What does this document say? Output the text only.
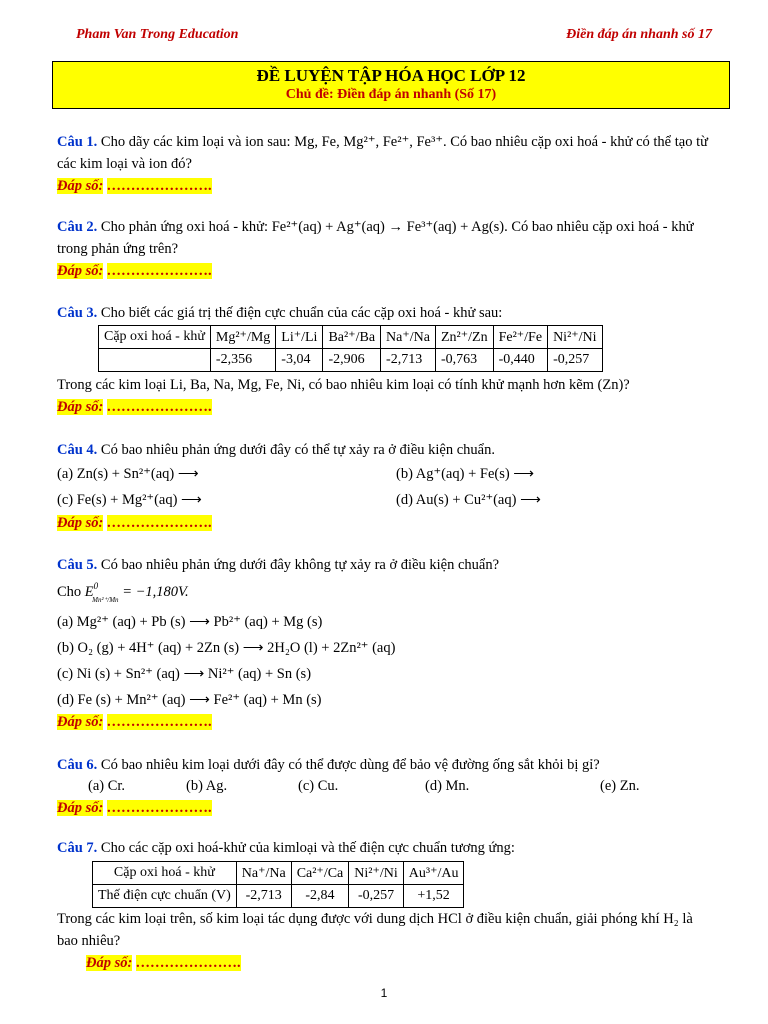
Pham Van Trong Education	Điền đáp án nhanh số 17
ĐỀ LUYỆN TẬP HÓA HỌC LỚP 12
Chủ đề: Điền đáp án nhanh (Số 17)
Câu 1. Cho dãy các kim loại và ion sau: Mg, Fe, Mg²⁺, Fe²⁺, Fe³⁺. Có bao nhiêu cặp oxi hoá - khử có thể tạo từ
các kim loại và ion đó?
Đáp số: ………………….
Câu 2. Cho phản ứng oxi hoá - khử: Fe²⁺(aq) + Ag⁺(aq) → Fe³⁺(aq) + Ag(s). Có bao nhiêu cặp oxi hoá - khử
trong phản ứng trên?
Đáp số: ………………….
Câu 3. Cho biết các giá trị thế điện cực chuẩn của các cặp oxi hoá - khử sau:
Cặp oxi hoá - khử	Mg²⁺/Mg	Li⁺/Li	Ba²⁺/Ba	Na⁺/Na	Zn²⁺/Zn	Fe²⁺/Fe	Ni²⁺/Ni
	-2,356	-3,04	-2,906	-2,713	-0,763	-0,440	-0,257
Trong các kim loại Li, Ba, Na, Mg, Fe, Ni, có bao nhiêu kim loại có tính khử mạnh hơn kẽm (Zn)?
Đáp số: ………………….
Câu 4. Có bao nhiêu phản ứng dưới đây có thể tự xảy ra ở điều kiện chuẩn.
(a) Zn(s) + Sn²⁺(aq) ⟶	(b) Ag⁺(aq) + Fe(s) ⟶
(c) Fe(s) + Mg²⁺(aq) ⟶	(d) Au(s) + Cu²⁺(aq) ⟶
Đáp số: ………………….
Câu 5. Có bao nhiêu phản ứng dưới đây không tự xảy ra ở điều kiện chuẩn?
Cho $E^0_{Mn^{2+}/Mn} = -1,180V$.
(a) Mg²⁺ (aq) + Pb (s) ⟶ Pb²⁺ (aq) + Mg (s)
(b) O₂ (g) + 4H⁺ (aq) + 2Zn (s) ⟶ 2H₂O (l) + 2Zn²⁺ (aq)
(c) Ni (s) + Sn²⁺ (aq) ⟶ Ni²⁺ (aq) + Sn (s)
(d) Fe (s) + Mn²⁺ (aq) ⟶ Fe²⁺ (aq) + Mn (s)
Đáp số: ………………….
Câu 6. Có bao nhiêu kim loại dưới đây có thể được dùng để bảo vệ đường ống sắt khỏi bị gỉ?
(a) Cr.	(b) Ag.	(c) Cu.	(d) Mn.	(e) Zn.
Đáp số: ………………….
Câu 7. Cho các cặp oxi hoá-khử của kimloại và thế điện cực chuẩn tương ứng:
Cặp oxi hoá - khử	Na⁺/Na	Ca²⁺/Ca	Ni²⁺/Ni	Au³⁺/Au
Thế điện cực chuẩn (V)	-2,713	-2,84	-0,257	+1,52
Trong các kim loại trên, số kim loại tác dụng được với dung dịch HCl ở điều kiện chuẩn, giải phóng khí H₂ là
bao nhiêu?
Đáp số: ………………….
1
